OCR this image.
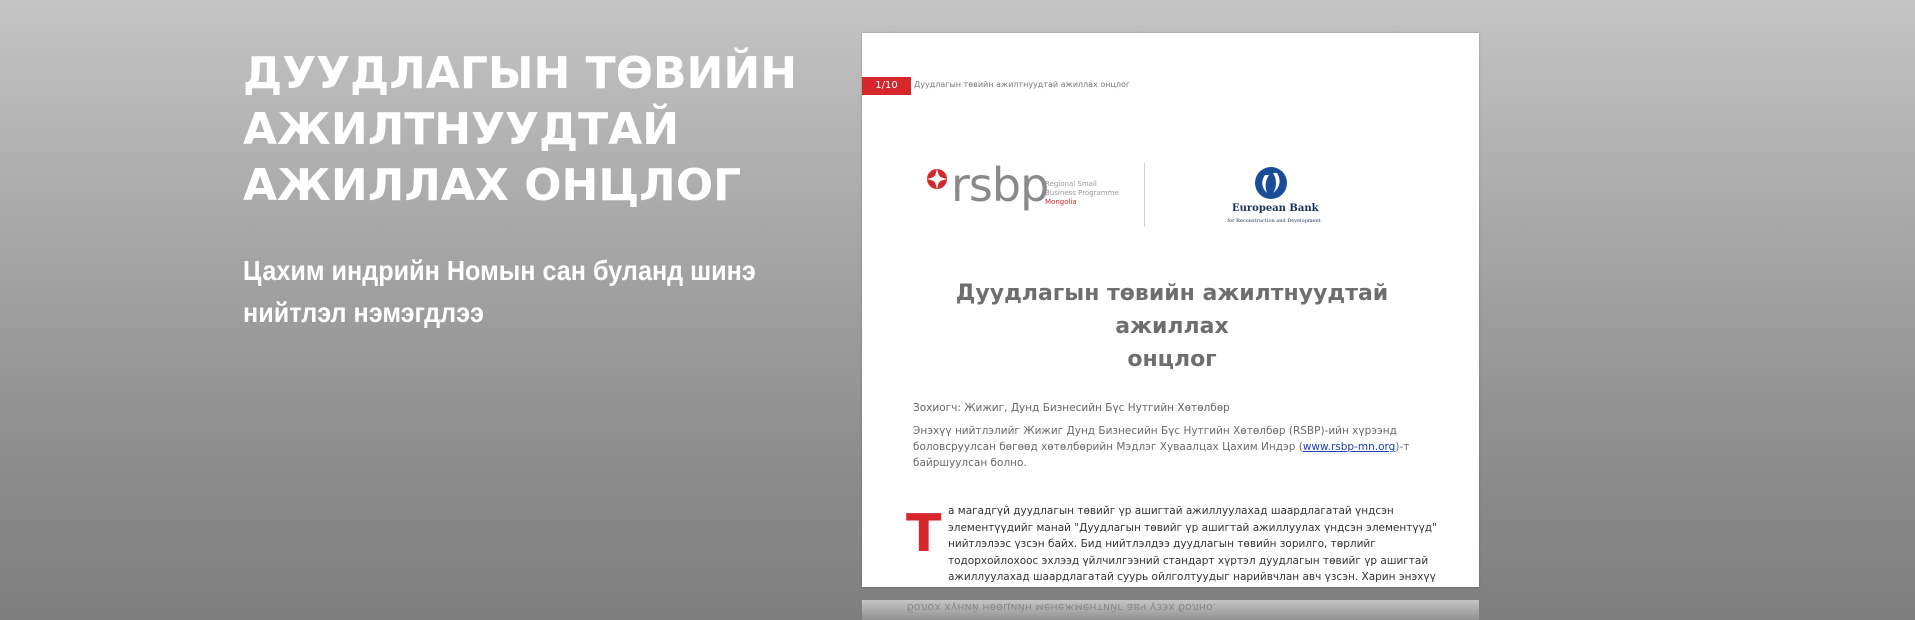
ДУУДЛАГЫН ТӨВИЙН
АЖИЛТНУУДТАЙ
АЖИЛЛАХ ОНЦЛОГ

Цахим индрийн Номын сан буланд шинэ
нийтлэл нэмэгдлээ

1/10	Дуудлагын төвийн ажилтнуудтай ажиллах онцлог
rsbp
Regional Small
Business Programme
Mongolia
European Bank
for Reconstruction and Development
Дуудлагын төвийн ажилтнуудтай ажиллах
онцлог
Зохиогч: Жижиг, Дунд Бизнесийн Бүс Нутгийн Хөтөлбөр
Энэхүү нийтлэлийг Жижиг Дунд Бизнесийн Бүс Нутгийн Хөтөлбөр (RSBP)-ийн хүрээнд
боловсруулсан бөгөөд хөтөлбөрийн Мэдлэг Хуваалцах Цахим Индэр (www.rsbp-mn.org)-т
байршуулсан болно.
Т а магадгүй дуудлагын төвийг үр ашигтай ажиллуулахад шаардлагатай үндсэн
элементүүдийг манай "Дуудлагын төвийг үр ашигтай ажиллуулах үндсэн элементүүд"
нийтлэлээс үзсэн байх. Бид нийтлэлдээ дуудлагын төвийн зорилго, төрлийг
тодорхойлохоос эхлээд үйлчилгээний стандарт хүртэл дуудлагын төвийг үр ашигтай
ажиллуулахад шаардлагатай суурь ойлголтуудыг нарийвчлан авч үзсэн. Харин энэхүү
болох хүний нөөцийн менежментийг авч үзэх болно.
